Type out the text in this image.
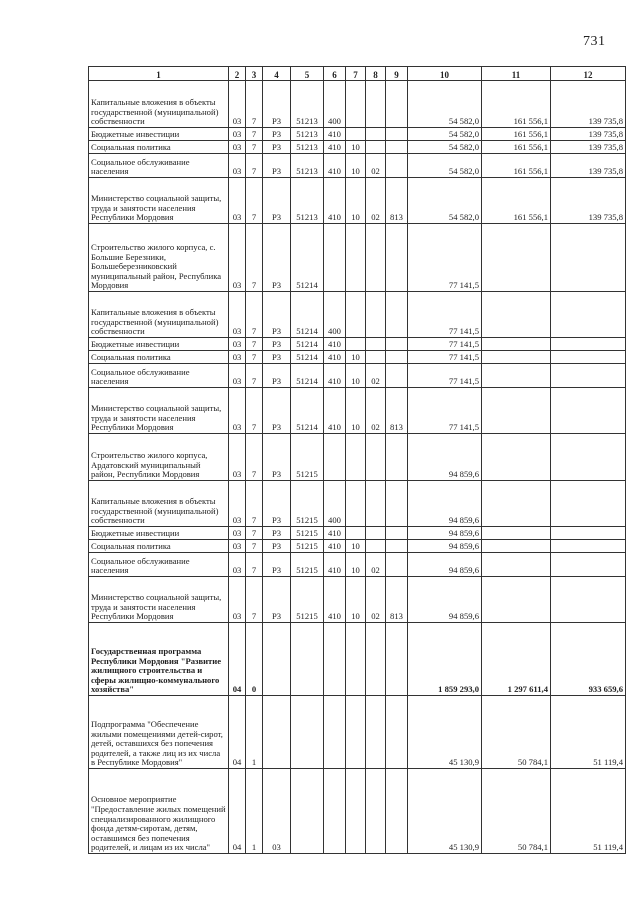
731
1	2	3	4	5	6	7	8	9	10	11	12
Капитальные вложения в объекты государственной (муниципальной) собственности	03	7	Р3	51213	400				54 582,0	161 556,1	139 735,8
Бюджетные инвестиции	03	7	Р3	51213	410				54 582,0	161 556,1	139 735,8
Социальная политика	03	7	Р3	51213	410	10			54 582,0	161 556,1	139 735,8
Социальное обслуживание населения	03	7	Р3	51213	410	10	02		54 582,0	161 556,1	139 735,8
Министерство социальной защиты, труда и занятости населения Республики Мордовия	03	7	Р3	51213	410	10	02	813	54 582,0	161 556,1	139 735,8
Строительство жилого корпуса, с. Большие Березники, Большеберезниковский муниципальный район, Республика Мордовия	03	7	Р3	51214					77 141,5		
Капитальные вложения в объекты государственной (муниципальной) собственности	03	7	Р3	51214	400				77 141,5		
Бюджетные инвестиции	03	7	Р3	51214	410				77 141,5		
Социальная политика	03	7	Р3	51214	410	10			77 141,5		
Социальное обслуживание населения	03	7	Р3	51214	410	10	02		77 141,5		
Министерство социальной защиты, труда и занятости населения Республики Мордовия	03	7	Р3	51214	410	10	02	813	77 141,5		
Строительство жилого корпуса, Ардатовский муниципальный район, Республики Мордовия	03	7	Р3	51215					94 859,6		
Капитальные вложения в объекты государственной (муниципальной) собственности	03	7	Р3	51215	400				94 859,6		
Бюджетные инвестиции	03	7	Р3	51215	410				94 859,6		
Социальная политика	03	7	Р3	51215	410	10			94 859,6		
Социальное обслуживание населения	03	7	Р3	51215	410	10	02		94 859,6		
Министерство социальной защиты, труда и занятости населения Республики Мордовия	03	7	Р3	51215	410	10	02	813	94 859,6		
Государственная программа Республики Мордовия "Развитие жилищного строительства и сферы жилищно-коммунального хозяйства"	04	0							1 859 293,0	1 297 611,4	933 659,6
Подпрограмма "Обеспечение жилыми помещениями детей-сирот, детей, оставшихся без попечения родителей, а также лиц из их числа в Республике Мордовия"	04	1							45 130,9	50 784,1	51 119,4
Основное мероприятие "Предоставление жилых помещений специализированного жилищного фонда детям-сиротам, детям, оставшимся без попечения родителей, и лицам из их числа"	04	1	03						45 130,9	50 784,1	51 119,4
